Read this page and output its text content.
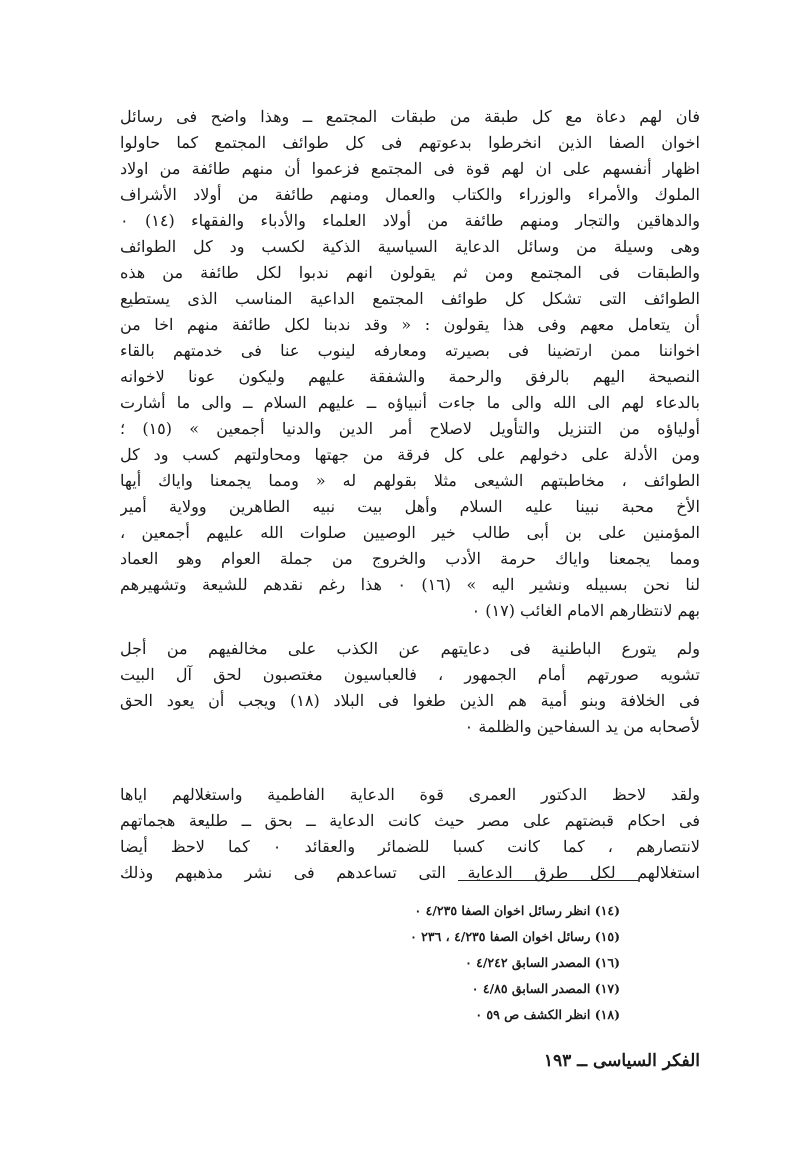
فان لهم دعاة مع كل طبقة من طبقات المجتمع ــ وهذا واضح فى رسائل
اخوان الصفا الذين انخرطوا بدعوتهم فى كل طوائف المجتمع كما حاولوا
اظهار أنفسهم على ان لهم قوة فى المجتمع فزعموا أن منهم طائفة من اولاد
الملوك والأمراء والوزراء والكتاب والعمال ومنهم طائفة من أولاد الأشراف
والدهاقين والتجار ومنهم طائفة من أولاد العلماء والأدباء والفقهاء (١٤) ٠
وهى وسيلة من وسائل الدعاية السياسية الذكية لكسب ود كل الطوائف
والطبقات فى المجتمع ومن ثم يقولون انهم ندبوا لكل طائفة من هذه
الطوائف التى تشكل كل طوائف المجتمع الداعية المناسب الذى يستطيع
أن يتعامل معهم وفى هذا يقولون : « وقد ندبنا لكل طائفة منهم اخا من
اخواننا ممن ارتضينا فى بصيرته ومعارفه لينوب عنا فى خدمتهم بالقاء
النصيحة اليهم بالرفق والرحمة والشفقة عليهم وليكون عونا لاخوانه
بالدعاء لهم الى الله والى ما جاءت أنبياؤه ــ عليهم السلام ــ والى ما أشارت
أولياؤه من التنزيل والتأويل لاصلاح أمر الدين والدنيا أجمعين » (١٥) ؛
ومن الأدلة على دخولهم على كل فرقة من جهتها ومحاولتهم كسب ود كل
الطوائف ، مخاطبتهم الشيعى مثلا بقولهم له « ومما يجمعنا واياك أيها
الأخ محبة نبينا عليه السلام وأهل بيت نبيه الطاهرين وولاية أمير
المؤمنين على بن أبى طالب خير الوصيين صلوات الله عليهم أجمعين ،
ومما يجمعنا واياك حرمة الأدب والخروج من جملة العوام وهو العماد
لنا نحن بسبيله ونشير اليه » (١٦) ٠ هذا رغم نقدهم للشيعة وتشهيرهم
بهم لانتظارهم الامام الغائب (١٧) ٠
ولم يتورع الباطنية فى دعايتهم عن الكذب على مخالفيهم من أجل
تشويه صورتهم أمام الجمهور ، فالعباسيون مغتصبون لحق آل البيت
فى الخلافة وبنو أمية هم الذين طغوا فى البلاد (١٨) ويجب أن يعود الحق
لأصحابه من يد السفاحين والظلمة ٠
ولقد لاحظ الدكتور العمرى قوة الدعاية الفاطمية واستغلالهم اياها
فى احكام قبضتهم على مصر حيث كانت الدعاية ــ بحق ــ طليعة هجماتهم
لانتصارهم ، كما كانت كسبا للضمائر والعقائد ٠ كما لاحظ أيضا
استغلالهم لكل طرق الدعاية التى تساعدهم فى نشر مذهبهم وذلك
(١٤) انظر رسائل اخوان الصفا ٤/٢٣٥ ٠
(١٥) رسائل اخوان الصفا ٤/٢٣٥ ، ٢٣٦ ٠
(١٦) المصدر السابق ٤/٢٤٢ ٠
(١٧) المصدر السابق ٤/٨٥ ٠
(١٨) انظر الكشف ص ٥٩ ٠
الفكر السياسى ــ ١٩٣
